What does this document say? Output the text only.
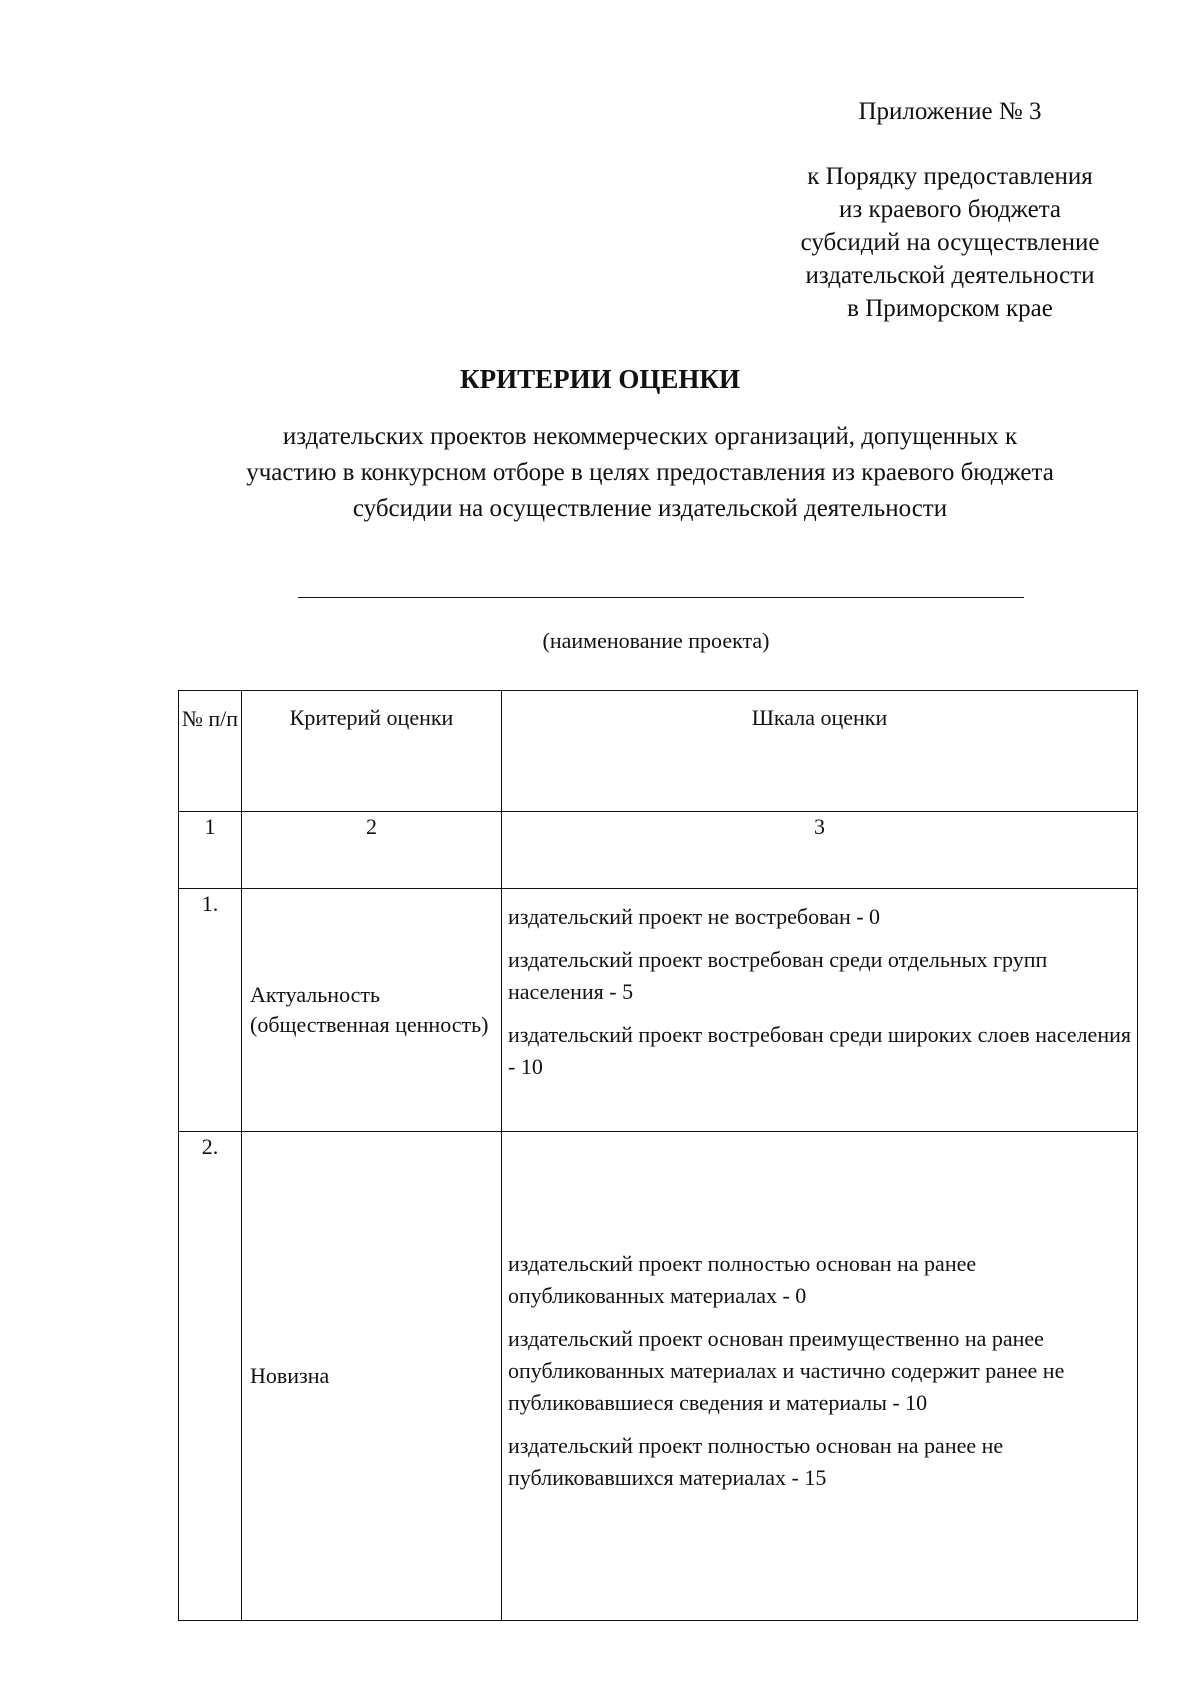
Приложение № 3
к Порядку предоставления
из краевого бюджета
субсидий на осуществление
издательской деятельности
в Приморском крае
КРИТЕРИИ ОЦЕНКИ
издательских проектов некоммерческих организаций, допущенных к
участию в конкурсном отборе в целях предоставления из краевого бюджета
субсидии на осуществление издательской деятельности
(наименование проекта)
№ п/п	Критерий оценки	Шкала оценки
1	2	3
1.	Актуальность (общественная ценность)	издательский проект не востребован - 0
издательский проект востребован среди отдельных групп населения - 5
издательский проект востребован среди широких слоев населения - 10

2.	Новизна	издательский проект полностью основан на ранее опубликованных материалах - 0
издательский проект основан преимущественно на ранее опубликованных материалах и частично содержит ранее не публиковавшиеся сведения и материалы - 10
издательский проект полностью основан на ранее не публиковавшихся материалах - 15
